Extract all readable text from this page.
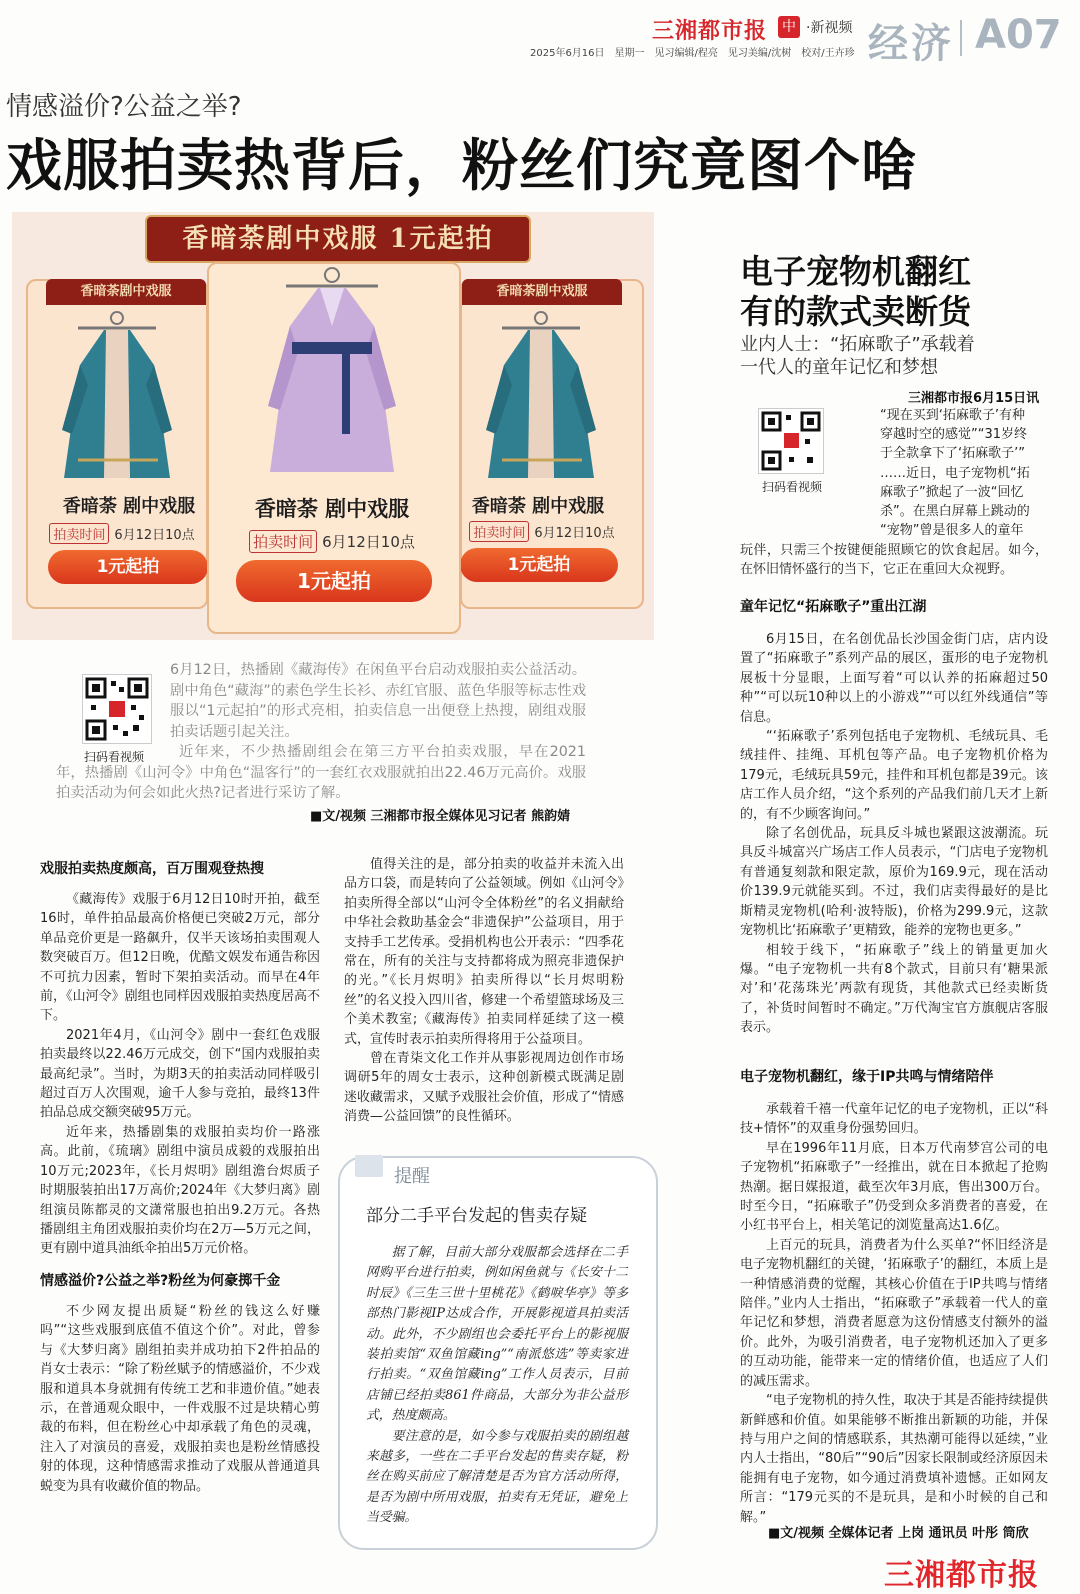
三湘都市报 中 ·新视频
2025年6月16日　星期一　见习编辑/程亮　见习美编/沈树　校对/王卉珍 经济 A07
情感溢价?公益之举?
戏服拍卖热背后，粉丝们究竟图个啥
香暗荼剧中戏服 1元起拍
香暗荼剧中戏服
香暗荼 剧中戏服
拍卖时间 6月12日10点
1元起拍
香暗荼剧中戏服
香暗荼 剧中戏服
拍卖时间 6月12日10点
1元起拍
香暗荼 剧中戏服
拍卖时间 6月12日10点
1元起拍
扫码看视频
6月12日，热播剧《藏海传》在闲鱼平台启动戏服拍卖公益活动。剧中角色“藏海”的素色学生长衫、赤红官服、蓝色华服等标志性戏服以“1元起拍”的形式亮相，拍卖信息一出便登上热搜，剧组戏服拍卖话题引起关注。
近年来，不少热播剧组会在第三方平台拍卖戏服，早在2021年，热播剧《山河令》中角色“温客行”的一套红衣戏服就拍出22.46万元高价。戏服拍卖活动为何会如此火热?记者进行采访了解。
■文/视频 三湘都市报全媒体见习记者 熊韵婧
戏服拍卖热度颇高，百万围观登热搜

《藏海传》戏服于6月12日10时开拍，截至16时，单件拍品最高价格便已突破2万元，部分单品竞价更是一路飙升，仅半天该场拍卖围观人数突破百万。但12日晚，优酷文娱发布通告称因不可抗力因素，暂时下架拍卖活动。而早在4年前，《山河令》剧组也同样因戏服拍卖热度居高不下。

2021年4月，《山河令》剧中一套红色戏服拍卖最终以22.46万元成交，创下“国内戏服拍卖最高纪录”。当时，为期3天的拍卖活动同样吸引超过百万人次围观，逾千人参与竞拍，最终13件拍品总成交额突破95万元。

近年来，热播剧集的戏服拍卖均价一路涨高。此前，《琉璃》剧组中演员成毅的戏服拍出10万元;2023年，《长月烬明》剧组澹台烬质子时期服装拍出17万高价;2024年《大梦归离》剧组演员陈都灵的文潇常服也拍出9.2万元。各热播剧组主角团戏服拍卖价均在2万—5万元之间，更有剧中道具油纸伞拍出5万元价格。

情感溢价?公益之举?粉丝为何豪掷千金

不少网友提出质疑“粉丝的钱这么好赚吗”“这些戏服到底值不值这个价”。对此，曾参与《大梦归离》剧组拍卖并成功拍下2件拍品的肖女士表示：“除了粉丝赋予的情感溢价，不少戏服和道具本身就拥有传统工艺和非遗价值。”她表示，在普通观众眼中，一件戏服不过是块精心剪裁的布料，但在粉丝心中却承载了角色的灵魂，注入了对演员的喜爱，戏服拍卖也是粉丝情感投射的体现，这种情感需求推动了戏服从普通道具蜕变为具有收藏价值的物品。

值得关注的是，部分拍卖的收益并未流入出品方口袋，而是转向了公益领域。例如《山河令》拍卖所得全部以“山河令全体粉丝”的名义捐献给中华社会救助基金会“非遗保护”公益项目，用于支持手工艺传承。受捐机构也公开表示：“四季花常在，所有的关注与支持都将成为照亮非遗保护的光。”《长月烬明》拍卖所得以“长月烬明粉丝”的名义投入四川省，修建一个希望篮球场及三个美术教室;《藏海传》拍卖同样延续了这一模式，宣传时表示拍卖所得将用于公益项目。

曾在青柒文化工作并从事影视周边创作市场调研5年的周女士表示，这种创新模式既满足剧迷收藏需求，又赋予戏服社会价值，形成了“情感消费—公益回馈”的良性循环。

提醒
部分二手平台发起的售卖存疑

据了解，目前大部分戏服都会选择在二手网购平台进行拍卖，例如闲鱼就与《长安十二时辰》《三生三世十里桃花》《鹤唳华亭》等多部热门影视IP达成合作，开展影视道具拍卖活动。此外，不少剧组也会委托平台上的影视服装拍卖馆“双鱼馆藏ing”“南派悠选”等卖家进行拍卖。“双鱼馆藏ing”工作人员表示，目前店铺已经拍卖861件商品，大部分为非公益形式，热度颇高。

要注意的是，如今参与戏服拍卖的剧组越来越多，一些在二手平台发起的售卖存疑，粉丝在购买前应了解清楚是否为官方活动所得，是否为剧中所用戏服，拍卖有无凭证，避免上当受骗。

电子宠物机翻红
有的款式卖断货
业内人士：“拓麻歌子”承载着
一代人的童年记忆和梦想
三湘都市报6月15日讯
扫码看视频
“现在买到‘拓麻歌子’有种
穿越时空的感觉”“31岁终
于全款拿下了‘拓麻歌子’”
……近日，电子宠物机“拓
麻歌子”掀起了一波“回忆
杀”。在黑白屏幕上跳动的
“宠物”曾是很多人的童年
玩伴，只需三个按键便能照顾它的饮食起居。如今，在怀旧情怀盛行的当下，它正在重回大众视野。
童年记忆“拓麻歌子”重出江湖

6月15日，在名创优品长沙国金街门店，店内设置了“拓麻歌子”系列产品的展区，蛋形的电子宠物机展板十分显眼，上面写着“可以认养的拓麻超过50种”“可以玩10种以上的小游戏”“可以红外线通信”等信息。

“‘拓麻歌子’系列包括电子宠物机、毛绒玩具、毛绒挂件、挂绳、耳机包等产品。电子宠物机价格为179元，毛绒玩具59元，挂件和耳机包都是39元。该店工作人员介绍，“这个系列的产品我们前几天才上新的，有不少顾客询问。”

除了名创优品，玩具反斗城也紧跟这波潮流。玩具反斗城富兴广场店工作人员表示，“门店电子宠物机有普通复刻款和限定款，原价为169.9元，现在活动价139.9元就能买到。不过，我们店卖得最好的是比斯精灵宠物机(哈利·波特版)，价格为299.9元，这款宠物机比‘拓麻歌子’更精致，能养的宠物也更多。”

相较于线下，“拓麻歌子”线上的销量更加火爆。“电子宠物机一共有8个款式，目前只有‘糖果派对’和‘花荡珠光’两款有现货，其他款式已经卖断货了，补货时间暂时不确定。”万代淘宝官方旗舰店客服表示。

电子宠物机翻红，缘于IP共鸣与情绪陪伴

承载着千禧一代童年记忆的电子宠物机，正以“科技+情怀”的双重身份强势回归。

早在1996年11月底，日本万代南梦宫公司的电子宠物机“拓麻歌子”一经推出，就在日本掀起了抢购热潮。据日媒报道，截至次年3月底，售出300万台。时至今日，“拓麻歌子”仍受到众多消费者的喜爱，在小红书平台上，相关笔记的浏览量高达1.6亿。

上百元的玩具，消费者为什么买单?“怀旧经济是电子宠物机翻红的关键，‘拓麻歌子’的翻红，本质上是一种情感消费的觉醒，其核心价值在于IP共鸣与情绪陪伴。”业内人士指出，“拓麻歌子”承载着一代人的童年记忆和梦想，消费者愿意为这份情感支付额外的溢价。此外，为吸引消费者，电子宠物机还加入了更多的互动功能，能带来一定的情绪价值，也适应了人们的减压需求。

“电子宠物机的持久性，取决于其是否能持续提供新鲜感和价值。如果能够不断推出新颖的功能，并保持与用户之间的情感联系，其热潮可能得以延续，”业内人士指出，“80后”“90后”因家长限制或经济原因未能拥有电子宠物，如今通过消费填补遗憾。正如网友所言：“179元买的不是玩具，是和小时候的自己和解。”

■文/视频 全媒体记者 上岗 通讯员 叶彤 筒欣
三湘都市报
